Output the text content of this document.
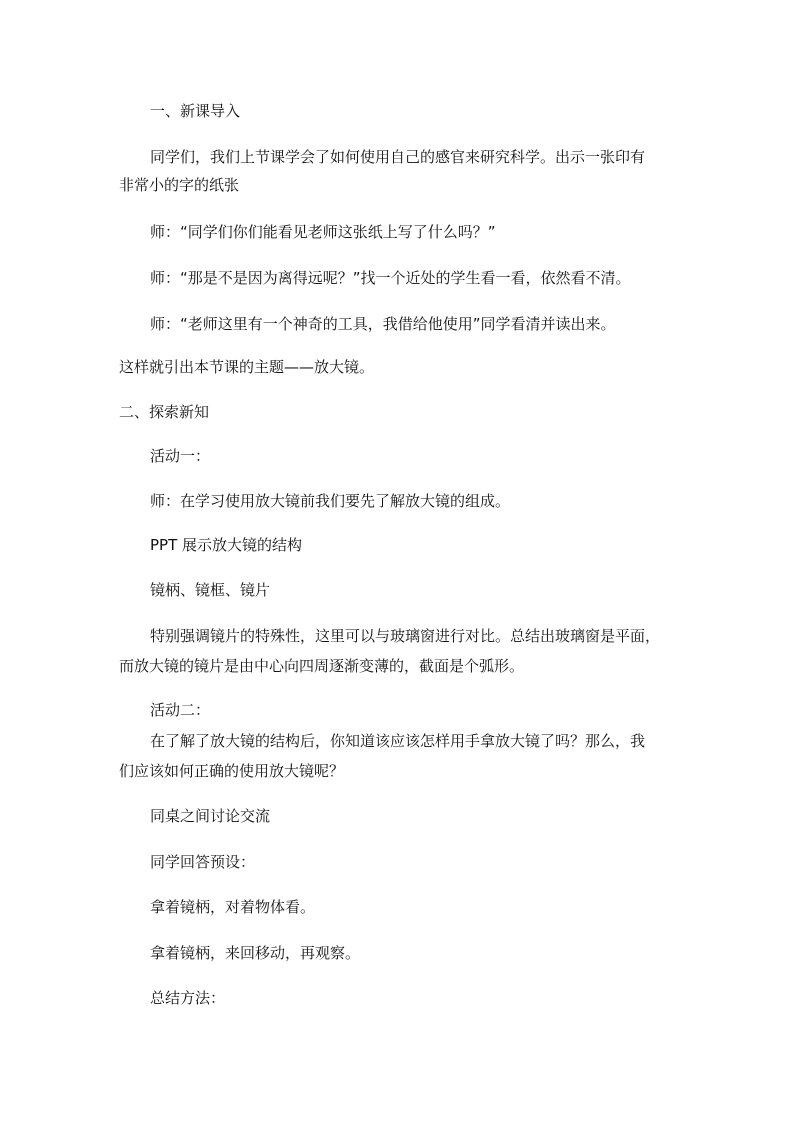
一、新课导入
同学们，我们上节课学会了如何使用自己的感官来研究科学。出示一张印有
非常小的字的纸张
师：“同学们你们能看见老师这张纸上写了什么吗？”
师：“那是不是因为离得远呢？”找一个近处的学生看一看，依然看不清。
师：“老师这里有一个神奇的工具，我借给他使用”同学看清并读出来。
这样就引出本节课的主题——放大镜。
二、探索新知
活动一：
师：在学习使用放大镜前我们要先了解放大镜的组成。
PPT 展示放大镜的结构
镜柄、镜框、镜片
特别强调镜片的特殊性，这里可以与玻璃窗进行对比。总结出玻璃窗是平面，
而放大镜的镜片是由中心向四周逐渐变薄的，截面是个弧形。
活动二：
在了解了放大镜的结构后，你知道该应该怎样用手拿放大镜了吗？那么，我
们应该如何正确的使用放大镜呢？
同桌之间讨论交流
同学回答预设：
拿着镜柄，对着物体看。
拿着镜柄，来回移动，再观察。
总结方法：
